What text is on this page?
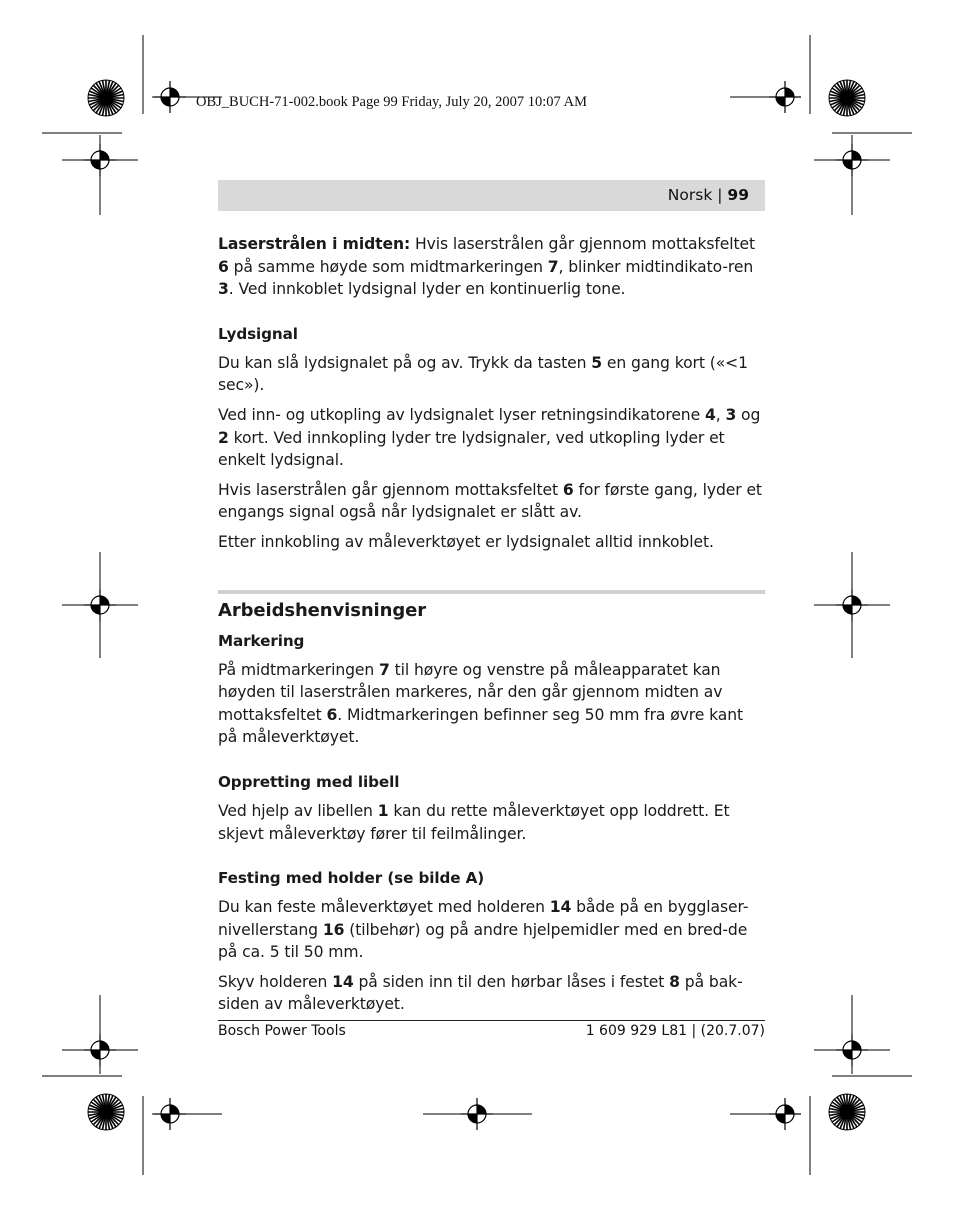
OBJ_BUCH-71-002.book Page 99 Friday, July 20, 2007 10:07 AM
Norsk | 99

Laserstrålen i midten: Hvis laserstrålen går gjennom mottaksfeltet 6 på samme høyde som midtmarkeringen 7, blinker midtindikato-ren 3. Ved innkoblet lydsignal lyder en kontinuerlig tone.

Lydsignal

Du kan slå lydsignalet på og av. Trykk da tasten 5 en gang kort («<1 sec»).

Ved inn- og utkopling av lydsignalet lyser retningsindikatorene 4, 3 og 2 kort. Ved innkopling lyder tre lydsignaler, ved utkopling lyder et enkelt lydsignal.

Hvis laserstrålen går gjennom mottaksfeltet 6 for første gang, lyder et engangs signal også når lydsignalet er slått av.

Etter innkobling av måleverktøyet er lydsignalet alltid innkoblet.

Arbeidshenvisninger
Markering

På midtmarkeringen 7 til høyre og venstre på måleapparatet kan høyden til laserstrålen markeres, når den går gjennom midten av mottaksfeltet 6. Midtmarkeringen befinner seg 50 mm fra øvre kant på måleverktøyet.

Oppretting med libell

Ved hjelp av libellen 1 kan du rette måleverktøyet opp loddrett. Et skjevt måleverktøy fører til feilmålinger.

Festing med holder (se bilde A)

Du kan feste måleverktøyet med holderen 14 både på en bygglaser-nivellerstang 16 (tilbehør) og på andre hjelpemidler med en bred-de på ca. 5 til 50 mm.

Skyv holderen 14 på siden inn til den hørbar låses i festet 8 på bak-siden av måleverktøyet.

Bosch Power Tools	1 609 929 L81 | (20.7.07)
